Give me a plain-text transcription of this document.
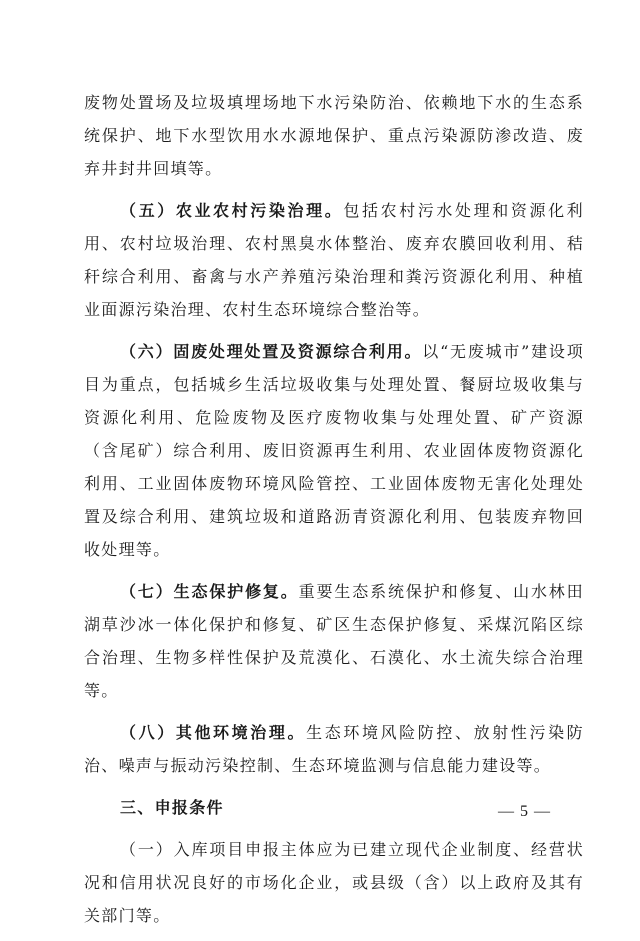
废物处置场及垃圾填埋场地下水污染防治、依赖地下水的生态系统保护、地下水型饮用水水源地保护、重点污染源防渗改造、废弃井封井回填等。

（五）农业农村污染治理。包括农村污水处理和资源化利用、农村垃圾治理、农村黑臭水体整治、废弃农膜回收利用、秸秆综合利用、畜禽与水产养殖污染治理和粪污资源化利用、种植业面源污染治理、农村生态环境综合整治等。

（六）固废处理处置及资源综合利用。以“无废城市”建设项目为重点，包括城乡生活垃圾收集与处理处置、餐厨垃圾收集与资源化利用、危险废物及医疗废物收集与处理处置、矿产资源（含尾矿）综合利用、废旧资源再生利用、农业固体废物资源化利用、工业固体废物环境风险管控、工业固体废物无害化处理处置及综合利用、建筑垃圾和道路沥青资源化利用、包装废弃物回收处理等。

（七）生态保护修复。重要生态系统保护和修复、山水林田湖草沙冰一体化保护和修复、矿区生态保护修复、采煤沉陷区综合治理、生物多样性保护及荒漠化、石漠化、水土流失综合治理等。

（八）其他环境治理。生态环境风险防控、放射性污染防治、噪声与振动污染控制、生态环境监测与信息能力建设等。

三、申报条件

（一）入库项目申报主体应为已建立现代企业制度、经营状况和信用状况良好的市场化企业，或县级（含）以上政府及其有关部门等。

— 5 —
